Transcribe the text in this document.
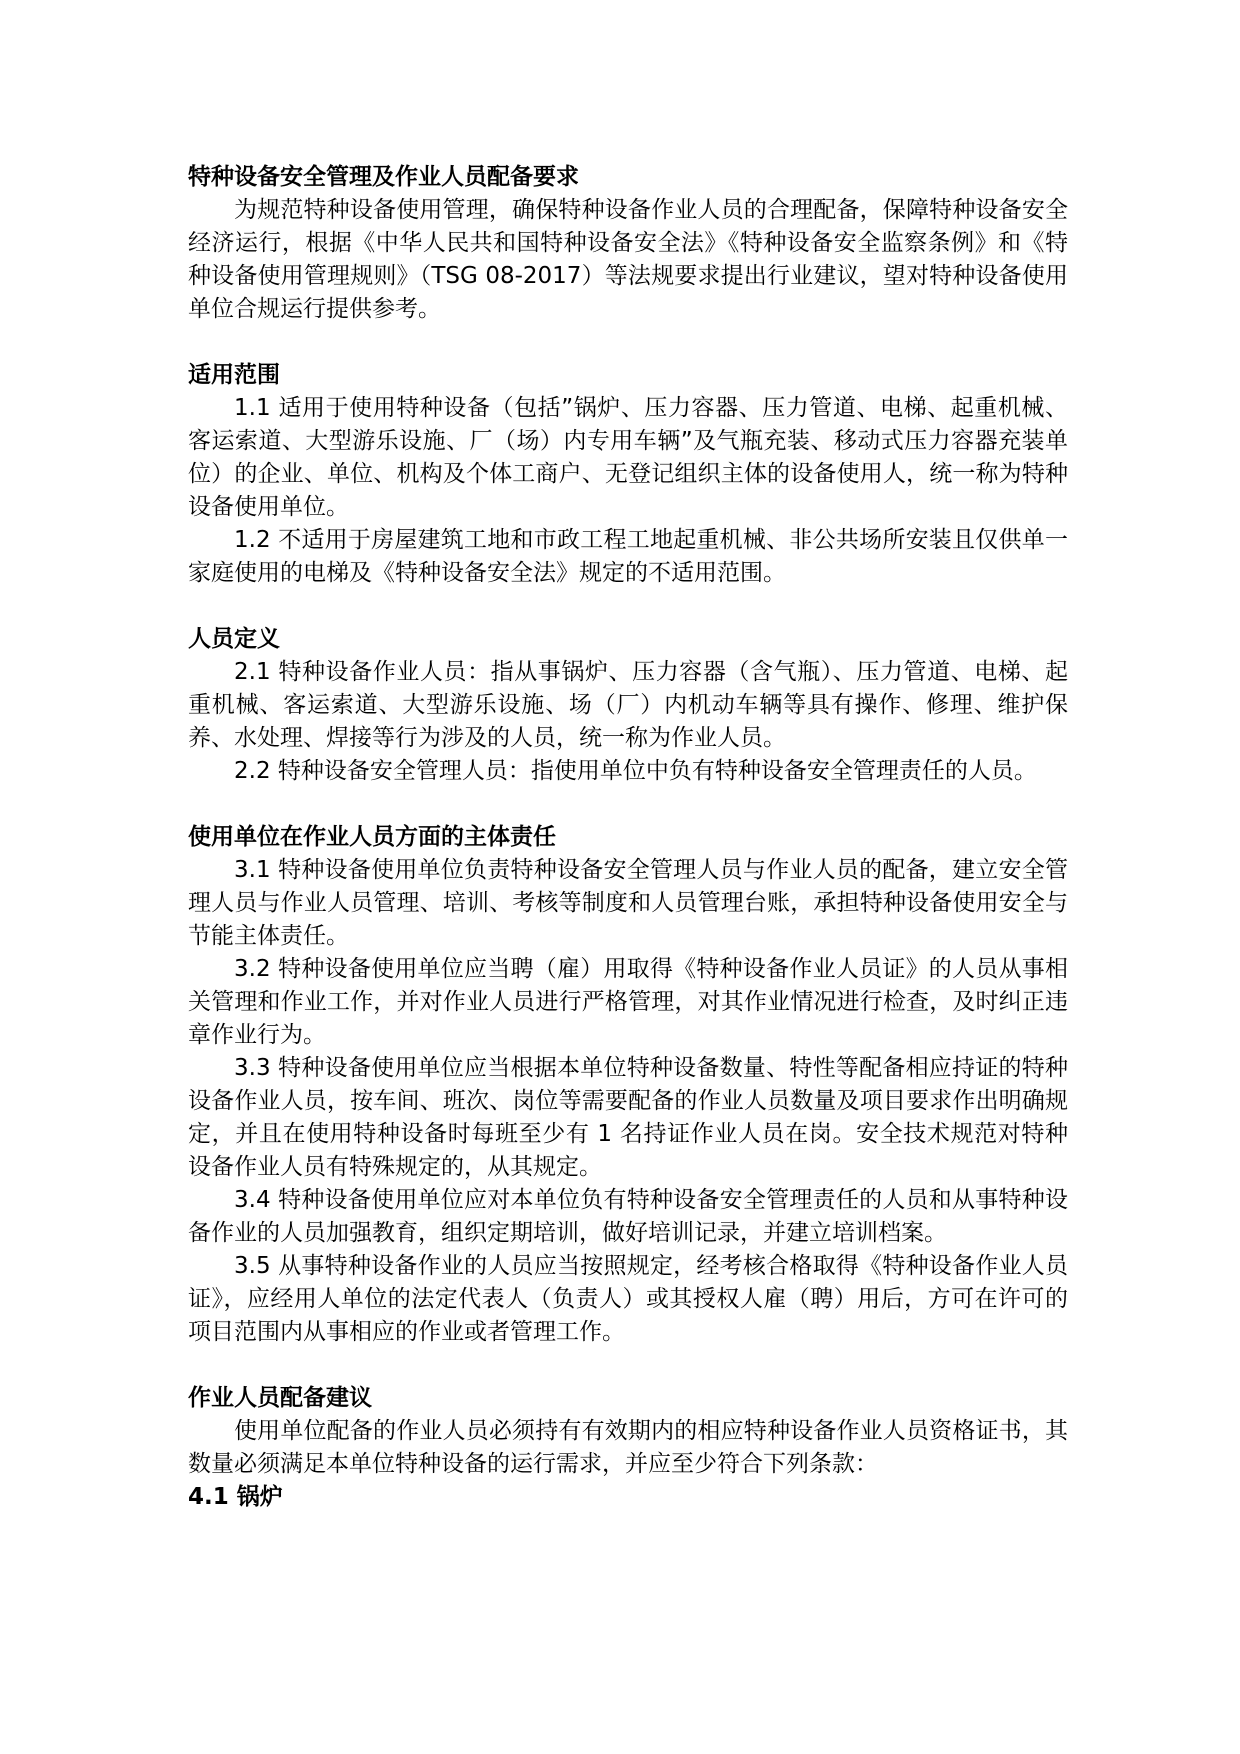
特种设备安全管理及作业人员配备要求

为规范特种设备使用管理，确保特种设备作业人员的合理配备，保障特种设备安全经济运行，根据《中华人民共和国特种设备安全法》《特种设备安全监察条例》和《特种设备使用管理规则》（TSG 08-2017）等法规要求提出行业建议，望对特种设备使用单位合规运行提供参考。

适用范围

1.1 适用于使用特种设备（包括”锅炉、压力容器、压力管道、电梯、起重机械、客运索道、大型游乐设施、厂（场）内专用车辆”及气瓶充装、移动式压力容器充装单位）的企业、单位、机构及个体工商户、无登记组织主体的设备使用人，统一称为特种设备使用单位。

1.2 不适用于房屋建筑工地和市政工程工地起重机械、非公共场所安装且仅供单一家庭使用的电梯及《特种设备安全法》规定的不适用范围。

人员定义

2.1 特种设备作业人员：指从事锅炉、压力容器（含气瓶）、压力管道、电梯、起重机械、客运索道、大型游乐设施、场（厂）内机动车辆等具有操作、修理、维护保养、水处理、焊接等行为涉及的人员，统一称为作业人员。

2.2 特种设备安全管理人员：指使用单位中负有特种设备安全管理责任的人员。

使用单位在作业人员方面的主体责任

3.1 特种设备使用单位负责特种设备安全管理人员与作业人员的配备，建立安全管理人员与作业人员管理、培训、考核等制度和人员管理台账，承担特种设备使用安全与节能主体责任。

3.2 特种设备使用单位应当聘（雇）用取得《特种设备作业人员证》的人员从事相关管理和作业工作，并对作业人员进行严格管理，对其作业情况进行检查，及时纠正违章作业行为。

3.3 特种设备使用单位应当根据本单位特种设备数量、特性等配备相应持证的特种设备作业人员，按车间、班次、岗位等需要配备的作业人员数量及项目要求作出明确规定，并且在使用特种设备时每班至少有 1 名持证作业人员在岗。安全技术规范对特种设备作业人员有特殊规定的，从其规定。

3.4 特种设备使用单位应对本单位负有特种设备安全管理责任的人员和从事特种设备作业的人员加强教育，组织定期培训，做好培训记录，并建立培训档案。

3.5 从事特种设备作业的人员应当按照规定，经考核合格取得《特种设备作业人员证》，应经用人单位的法定代表人（负责人）或其授权人雇（聘）用后，方可在许可的项目范围内从事相应的作业或者管理工作。

作业人员配备建议

使用单位配备的作业人员必须持有有效期内的相应特种设备作业人员资格证书，其数量必须满足本单位特种设备的运行需求，并应至少符合下列条款：

4.1 锅炉
